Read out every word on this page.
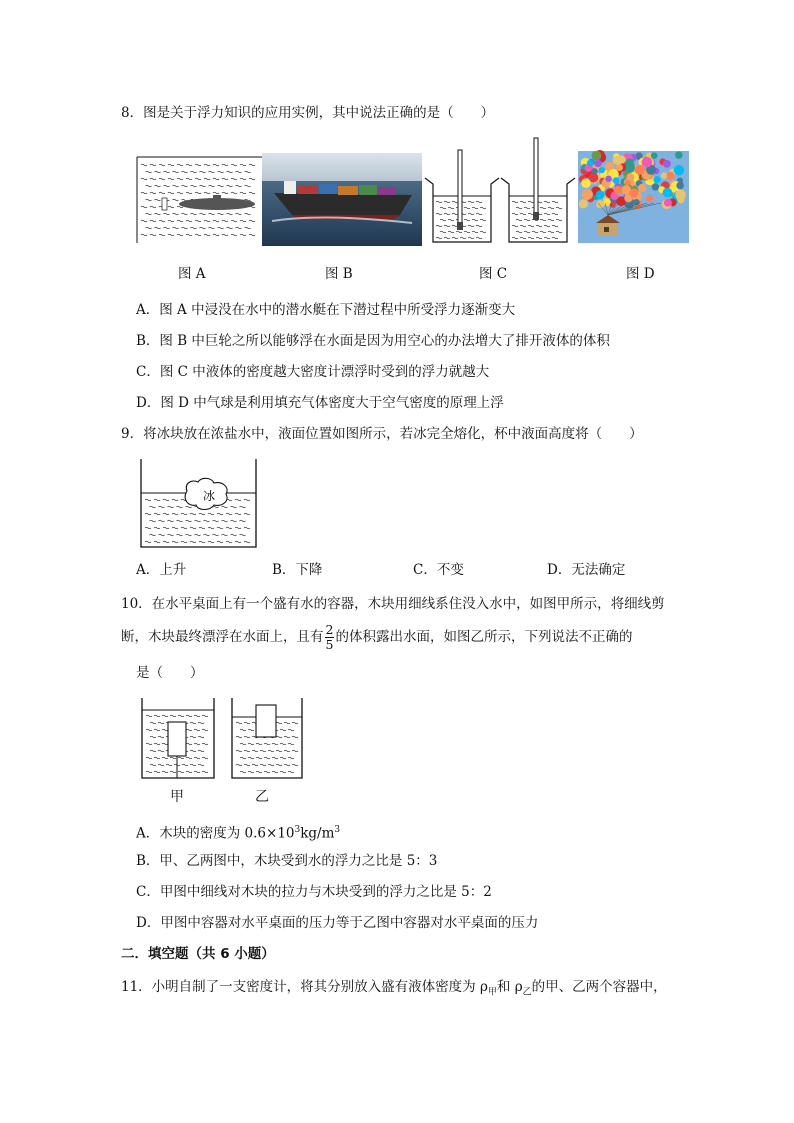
8．图是关于浮力知识的应用实例，其中说法正确的是（　　）
图 A	图 B	图 C	图 D
A．图 A 中浸没在水中的潜水艇在下潜过程中所受浮力逐渐变大
B．图 B 中巨轮之所以能够浮在水面是因为用空心的办法增大了排开液体的体积
C．图 C 中液体的密度越大密度计漂浮时受到的浮力就越大
D．图 D 中气球是利用填充气体密度大于空气密度的原理上浮
9．将冰块放在浓盐水中，液面位置如图所示，若冰完全熔化，杯中液面高度将（　　）
冰
A．上升	B．下降	C．不变	D．无法确定
10．在水平桌面上有一个盛有水的容器，木块用细线系住没入水中，如图甲所示，将细线剪
断，木块最终漂浮在水面上，且有 $\frac{2}{5}$ 的体积露出水面，如图乙所示，下列说法不正确的
是（　　）
甲	乙
A．木块的密度为 $0.6\times 10^3kg/m^3$
B．甲、乙两图中，木块受到水的浮力之比是 5：3
C．甲图中细线对木块的拉力与木块受到的浮力之比是 5：2
D．甲图中容器对水平桌面的压力等于乙图中容器对水平桌面的压力
二．填空题（共 6 小题）
11．小明自制了一支密度计，将其分别放入盛有液体密度为 $\rho_甲$和 $\rho_乙$的甲、乙两个容器中，
